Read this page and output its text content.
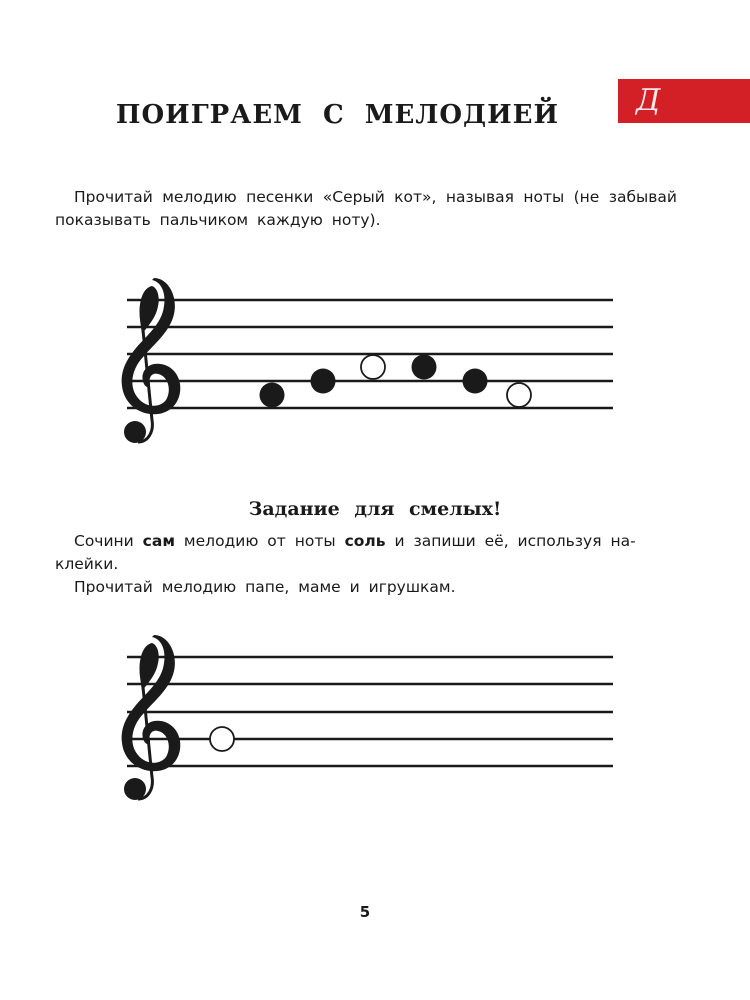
Д
ПОИГРАЕМ С МЕЛОДИЕЙ

Прочитай мелодию песенки «Серый кот», называя ноты (не забывай показывать пальчиком каждую ноту).

Задание для смелых!

Сочини сам мелодию от ноты соль и запиши её, используя на-
клейки.

Прочитай мелодию папе, маме и игрушкам.

5
